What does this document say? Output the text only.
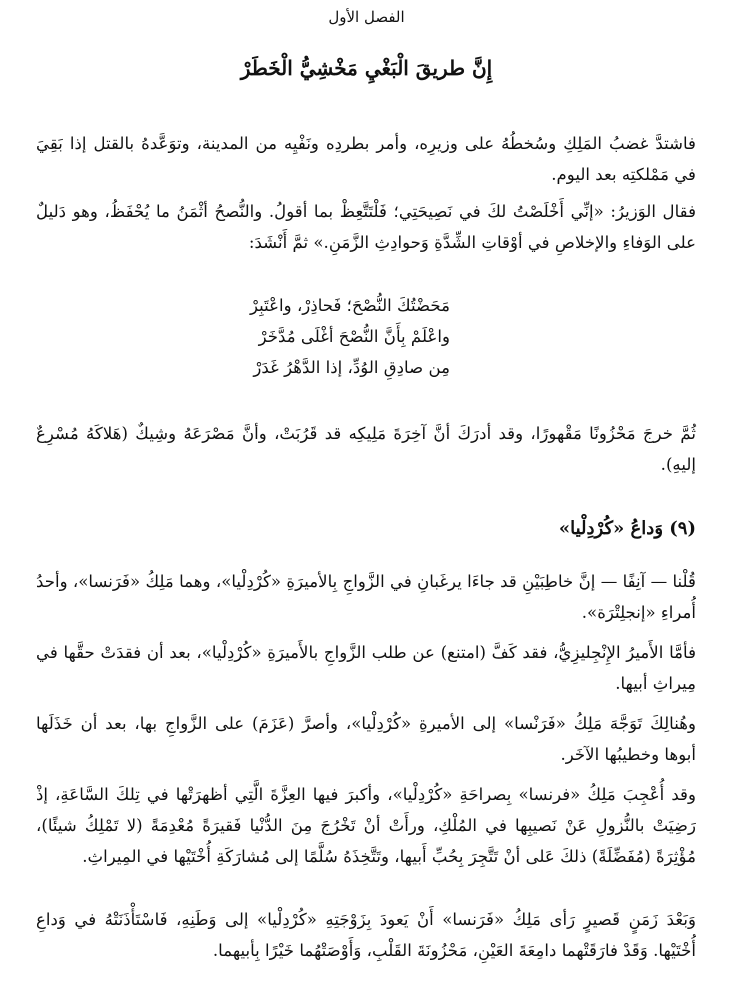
الفصل الأول
إِنَّ طريقَ الْبَغْيِ مَخْشِيُّ الْخَطَرْ
فاشتدَّ غضبُ المَلِكِ وسُخطُهُ على وزيرِه، وأمر بطردِه ونَفْيِه من المدينة، وتوَعَّدهُ بالقتل إذا بَقِيَ في مَمْلكتِه بعد اليوم.
فقال الوَزيرُ: «إنِّي أَخْلَصْتُ لكَ في نَصِيحَتِي؛ فَلْتَتَّعِظْ بما أقولُ. والنُّصحُ أثْمَنُ ما يُحْفَظُ، وهو دَليلٌ على الوَفاءِ والإخلاصِ في أوْقاتِ الشِّدَّةِ وَحوادِثِ الزَّمَنِ.» ثمَّ أَنْشَدَ:
مَحَضْتُكَ النُّصْحَ؛ فَحاذِرْ، واعْتَبِرْ
واعْلَمْ بِأَنَّ النُّصْحَ أغْلَى مُدَّخَرْ
مِن صادِقِ الوُدِّ، إذا الدَّهْرُ غَدَرْ
ثُمَّ خرجَ مَحْزُونًا مَقْهورًا، وقد أدرَكَ أنَّ آخِرَةَ مَلِيكِه قد قَرُبَتْ، وأنَّ مَصْرَعَهُ وشِيكٌ (هَلاكَهُ مُسْرِعٌ إليهِ).
(٩) وَداعُ «كُرْدِلْيا»
قُلْنا — آنِفًا — إنَّ خاطِبَيْنِ قد جاءَا يرغَبانِ في الزَّواجِ بِالأميرَةِ «كُرْدِلْيا»، وهما مَلِكُ «فَرَنسا»، وأحدُ أُمراءِ «إنجلِتْرَة».
فأمَّا الأَميرُ الإِنْجِليزِيُّ، فقد كَفَّ (امتنع) عن طلب الزَّواجِ بالأَميرَةِ «كُرْدِلْيا»، بعد أن فقدَتْ حقَّها في مِيراثِ أبيها.
وهُنالِكَ تَوَجَّهَ مَلِكُ «فَرَنْسا» إلى الأميرةِ «كُرْدِلْيا»، وأصرَّ (عَزَمَ) على الزَّواجِ بها، بعد أن خَذَلَها أبوها وخطيبُها الآخَر.
وقد أُعْجِبَ مَلِكُ «فرنسا» بِصراحَةِ «كُرْدِلْيا»، وأكبرَ فيها العِزَّةَ الَّتِي أظهرَتْها في تِلكَ السَّاعَةِ، إذْ رَضِيَتْ بالنُّزولِ عَنْ نَصيبِها في المُلْكِ، ورأَتْ أنْ تَخْرُجَ مِنَ الدُّنْيا فَقيرَةً مُعْدِمَةً (لا تَمْلِكُ شيئًا)، مُؤْثِرَةً (مُفَضِّلَةً) ذلكَ عَلى أنْ تَتَّجِرَ بِحُبِّ أَبيها، وتَتَّخِذَهُ سُلَّمًا إلى مُشارَكَةِ أُخْتَيْها في المِيراثِ.
وَبَعْدَ زَمَنٍ قَصيرٍ رَأى مَلِكُ «فَرَنسا» أَنْ يَعودَ بِزَوْجَتِهِ «كُرْدِلْيا» إلى وَطَنِهِ، فَاسْتَأْذَنَتْهُ في وَداعِ أُخْتَيْها. وَقَدْ فارَقَتْهما دامِعَةَ العَيْنِ، مَحْزُونَةَ القَلْبِ، وَأَوْصَتْهُما خَيْرًا بِأبيهما.
